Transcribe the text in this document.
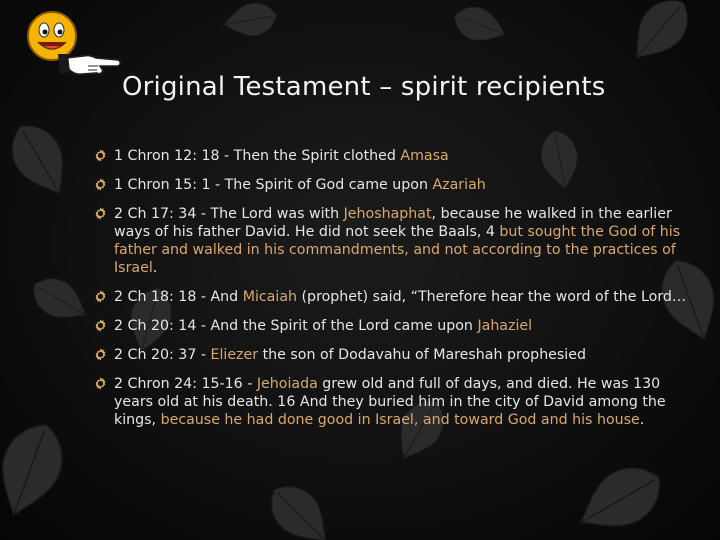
Original Testament – spirit recipients
1 Chron 12: 18 - Then the Spirit clothed Amasa
1 Chron 15: 1 - The Spirit of God came upon Azariah
2 Ch 17: 34 - The Lord was with Jehoshaphat, because he walked in the earlier ways of his father David. He did not seek the Baals, 4 but sought the God of his father and walked in his commandments, and not according to the practices of Israel.
2 Ch 18: 18 - And Micaiah (prophet) said, “Therefore hear the word of the Lord…
2 Ch 20: 14 - And the Spirit of the Lord came upon Jahaziel
2 Ch 20: 37 - Eliezer the son of Dodavahu of Mareshah prophesied
2 Chron 24: 15-16 - Jehoiada grew old and full of days, and died. He was 130 years old at his death. 16 And they buried him in the city of David among the kings, because he had done good in Israel, and toward God and his house.
